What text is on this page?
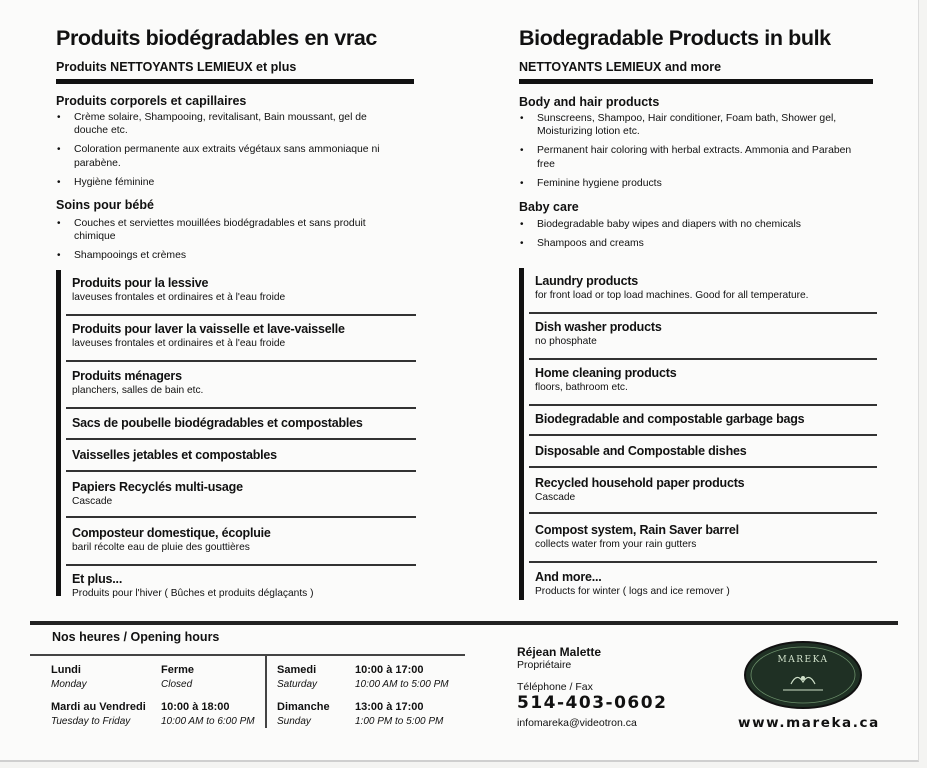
Produits biodégradables en vrac
Produits NETTOYANTS LEMIEUX et plus
Produits corporels et capillaires
• Crème solaire, Shampooing, revitalisant, Bain moussant, gel de douche etc.
• Coloration permanente aux extraits végétaux sans ammoniaque ni parabène.
• Hygiène féminine
Soins pour bébé
• Couches et serviettes mouillées biodégradables et sans produit chimique
• Shampooings et crèmes
Produits pour la lessive
laveuses frontales et ordinaires et à l'eau froide
Produits pour laver la vaisselle et lave-vaisselle
laveuses frontales et ordinaires et à l'eau froide
Produits ménagers
planchers, salles de bain etc.
Sacs de poubelle biodégradables et compostables
Vaisselles jetables et compostables
Papiers Recyclés multi-usage
Cascade
Composteur domestique, écopluie
baril récolte eau de pluie des gouttières
Et plus...
Produits pour l'hiver ( Bûches et produits déglaçants )
Biodegradable Products in bulk
NETTOYANTS LEMIEUX and more
Body and hair products
• Sunscreens, Shampoo, Hair conditioner, Foam bath, Shower gel, Moisturizing lotion etc.
• Permanent hair coloring with herbal extracts. Ammonia and Paraben free
• Feminine hygiene products
Baby care
• Biodegradable baby wipes and diapers with no chemicals
• Shampoos and creams
Laundry products
for front load or top load machines. Good for all temperature.
Dish washer products
no phosphate
Home cleaning products
floors, bathroom etc.
Biodegradable and compostable garbage bags
Disposable and Compostable dishes
Recycled household paper products
Cascade
Compost system, Rain Saver barrel
collects water from your rain gutters
And more...
Products for winter ( logs and ice remover )
Nos heures / Opening hours
Lundi
Monday
Ferme
Closed
Mardi au Vendredi
Tuesday to Friday
10:00 à 18:00
10:00 AM to 6:00 PM
Samedi
Saturday
10:00 à 17:00
10:00 AM to 5:00 PM
Dimanche
Sunday
13:00 à 17:00
1:00 PM to 5:00 PM
Réjean Malette
Propriétaire
Téléphone / Fax
514-403-0602
infomareka@videotron.ca
MAREKA
www.mareka.ca
